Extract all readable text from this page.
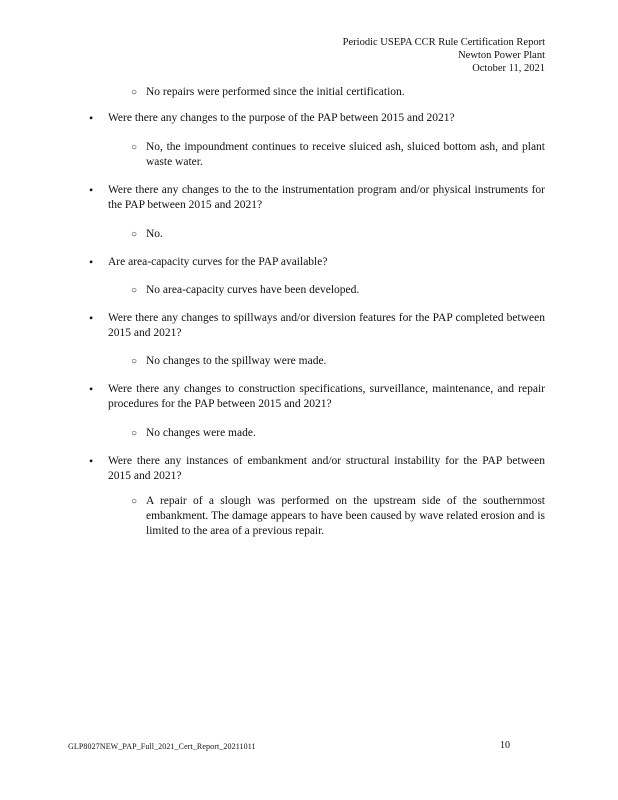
Periodic USEPA CCR Rule Certification Report
Newton Power Plant
October 11, 2021
○ No repairs were performed since the initial certification.
• Were there any changes to the purpose of the PAP between 2015 and 2021?
○ No, the impoundment continues to receive sluiced ash, sluiced bottom ash, and plant waste water.
• Were there any changes to the to the instrumentation program and/or physical instruments for the PAP between 2015 and 2021?
○ No.
• Are area-capacity curves for the PAP available?
○ No area-capacity curves have been developed.
• Were there any changes to spillways and/or diversion features for the PAP completed between 2015 and 2021?
○ No changes to the spillway were made.
• Were there any changes to construction specifications, surveillance, maintenance, and repair procedures for the PAP between 2015 and 2021?
○ No changes were made.
• Were there any instances of embankment and/or structural instability for the PAP between 2015 and 2021?
○ A repair of a slough was performed on the upstream side of the southernmost embankment. The damage appears to have been caused by wave related erosion and is limited to the area of a previous repair.
GLP8027NEW_PAP_Full_2021_Cert_Report_20211011	10
